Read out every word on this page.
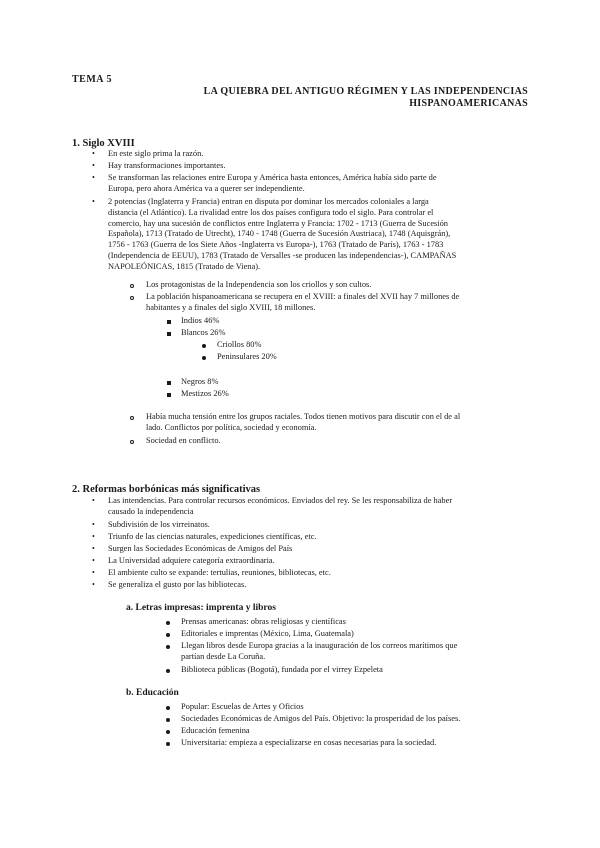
TEMA 5
LA QUIEBRA DEL ANTIGUO RÉGIMEN Y LAS INDEPENDENCIAS
HISPANOAMERICANAS
1. Siglo XVIII
• En este siglo prima la razón.
• Hay transformaciones importantes.
• Se transforman las relaciones entre Europa y América hasta entonces, América había sido parte de
Europa, pero ahora América va a querer ser independiente.
• 2 potencias (Inglaterra y Francia) entran en disputa por dominar los mercados coloniales a larga
distancia (el Atlántico). La rivalidad entre los dos países configura todo el siglo. Para controlar el
comercio, hay una sucesión de conflictos entre Inglaterra y Francia: 1702 - 1713 (Guerra de Sucesión
Española), 1713 (Tratado de Utrecht), 1740 - 1748 (Guerra de Sucesión Austriaca), 1748 (Aquisgrán),
1756 - 1763 (Guerra de los Siete Años -Inglaterra vs Europa-), 1763 (Tratado de París), 1763 - 1783
(Independencia de EEUU), 1783 (Tratado de Versalles -se producen las independencias-), CAMPAÑAS
NAPOLEÓNICAS, 1815 (Tratado de Viena).
Los protagonistas de la Independencia son los criollos y son cultos.
La población hispanoamericana se recupera en el XVIII: a finales del XVII hay 7 millones de
habitantes y a finales del siglo XVIII, 18 millones.
Indios 46%
Blancos 26%
Criollos 80%
Peninsulares 20%
Negros 8%
Mestizos 26%
Había mucha tensión entre los grupos raciales. Todos tienen motivos para discutir con el de al
lado. Conflictos por política, sociedad y economía.
Sociedad en conflicto.
2. Reformas borbónicas más significativas
• Las intendencias. Para controlar recursos económicos. Enviados del rey. Se les responsabiliza de haber
causado la independencia
• Subdivisión de los virreinatos.
• Triunfo de las ciencias naturales, expediciones científicas, etc.
• Surgen las Sociedades Económicas de Amigos del País
• La Universidad adquiere categoría extraordinaria.
• El ambiente culto se expande: tertulias, reuniones, bibliotecas, etc.
• Se generaliza el gusto por las bibliotecas.
a. Letras impresas: imprenta y libros
Prensas americanas: obras religiosas y científicas
Editoriales e imprentas (México, Lima, Guatemala)
Llegan libros desde Europa gracias a la inauguración de los correos marítimos que
partían desde La Coruña.
Biblioteca públicas (Bogotá), fundada por el virrey Ezpeleta
b. Educación
Popular: Escuelas de Artes y Oficios
Sociedades Económicas de Amigos del País. Objetivo: la prosperidad de los países.
Educación femenina
Universitaria: empieza a especializarse en cosas necesarias para la sociedad.
